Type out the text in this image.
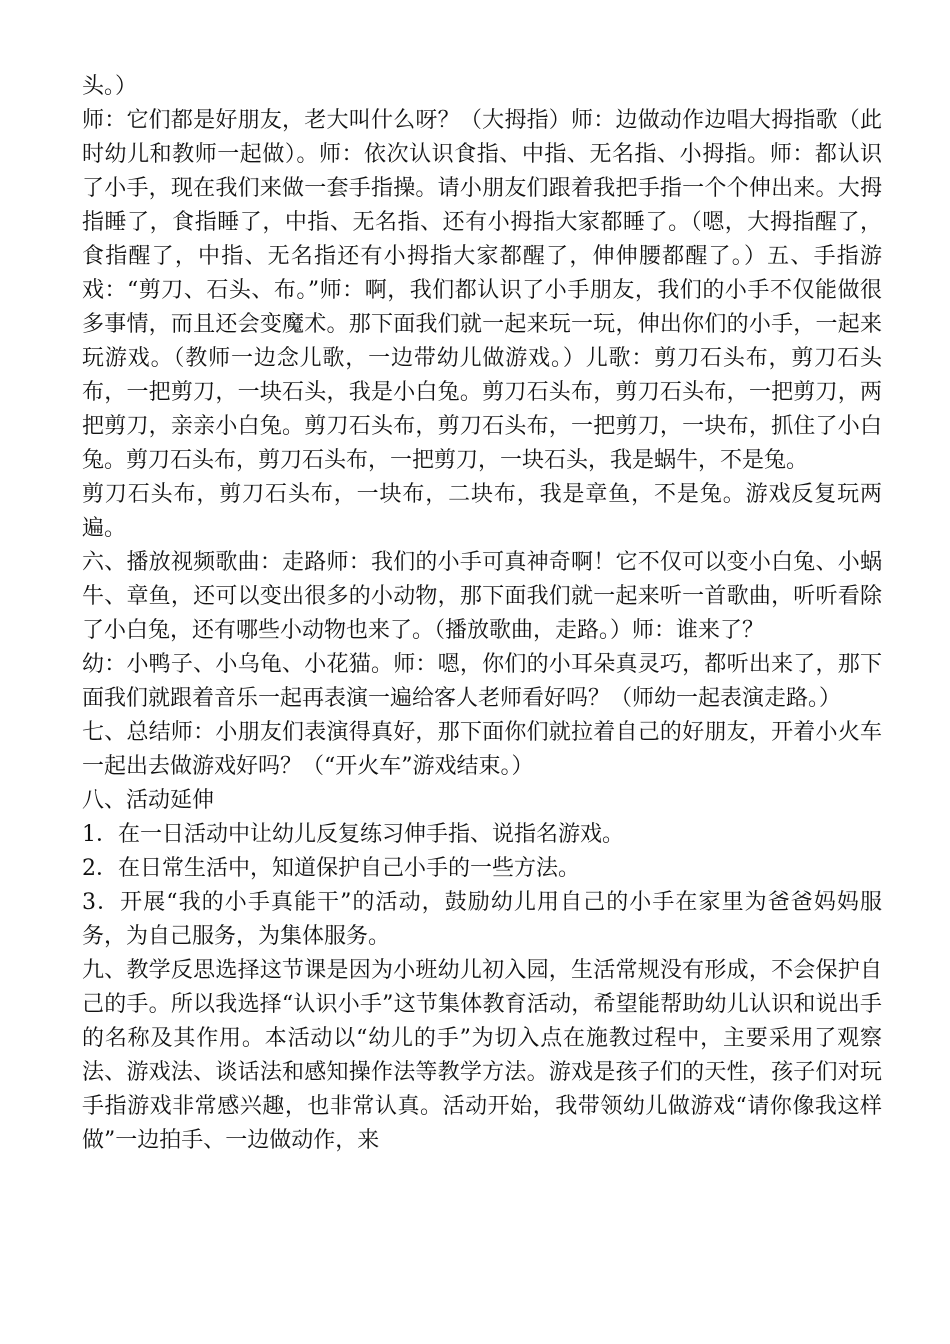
头。）

师：它们都是好朋友，老大叫什么呀？（大拇指）师：边做动作边唱大拇指歌（此时幼儿和教师一起做）。师：依次认识食指、中指、无名指、小拇指。师：都认识了小手，现在我们来做一套手指操。请小朋友们跟着我把手指一个个伸出来。大拇指睡了，食指睡了，中指、无名指、还有小拇指大家都睡了。（嗯，大拇指醒了，食指醒了，中指、无名指还有小拇指大家都醒了，伸伸腰都醒了。）五、手指游戏：“剪刀、石头、布。”师：啊，我们都认识了小手朋友，我们的小手不仅能做很多事情，而且还会变魔术。那下面我们就一起来玩一玩，伸出你们的小手，一起来玩游戏。（教师一边念儿歌，一边带幼儿做游戏。）儿歌：剪刀石头布，剪刀石头布，一把剪刀，一块石头，我是小白兔。剪刀石头布，剪刀石头布，一把剪刀，两把剪刀，亲亲小白兔。剪刀石头布，剪刀石头布，一把剪刀，一块布，抓住了小白兔。剪刀石头布，剪刀石头布，一把剪刀，一块石头，我是蜗牛，不是兔。

剪刀石头布，剪刀石头布，一块布，二块布，我是章鱼，不是兔。游戏反复玩两遍。

六、播放视频歌曲：走路师：我们的小手可真神奇啊！它不仅可以变小白兔、小蜗牛、章鱼，还可以变出很多的小动物，那下面我们就一起来听一首歌曲，听听看除了小白兔，还有哪些小动物也来了。（播放歌曲，走路。）师：谁来了？

幼：小鸭子、小乌龟、小花猫。师：嗯，你们的小耳朵真灵巧，都听出来了，那下面我们就跟着音乐一起再表演一遍给客人老师看好吗？（师幼一起表演走路。）

七、总结师：小朋友们表演得真好，那下面你们就拉着自己的好朋友，开着小火车一起出去做游戏好吗？（“开火车”游戏结束。）

八、活动延伸

1．在一日活动中让幼儿反复练习伸手指、说指名游戏。

2．在日常生活中，知道保护自己小手的一些方法。

3．开展“我的小手真能干”的活动，鼓励幼儿用自己的小手在家里为爸爸妈妈服务，为自己服务，为集体服务。

九、教学反思选择这节课是因为小班幼儿初入园，生活常规没有形成，不会保护自己的手。所以我选择“认识小手”这节集体教育活动，希望能帮助幼儿认识和说出手的名称及其作用。本活动以“幼儿的手”为切入点在施教过程中，主要采用了观察法、游戏法、谈话法和感知操作法等教学方法。游戏是孩子们的天性，孩子们对玩手指游戏非常感兴趣，也非常认真。活动开始，我带领幼儿做游戏“请你像我这样做”一边拍手、一边做动作，来
